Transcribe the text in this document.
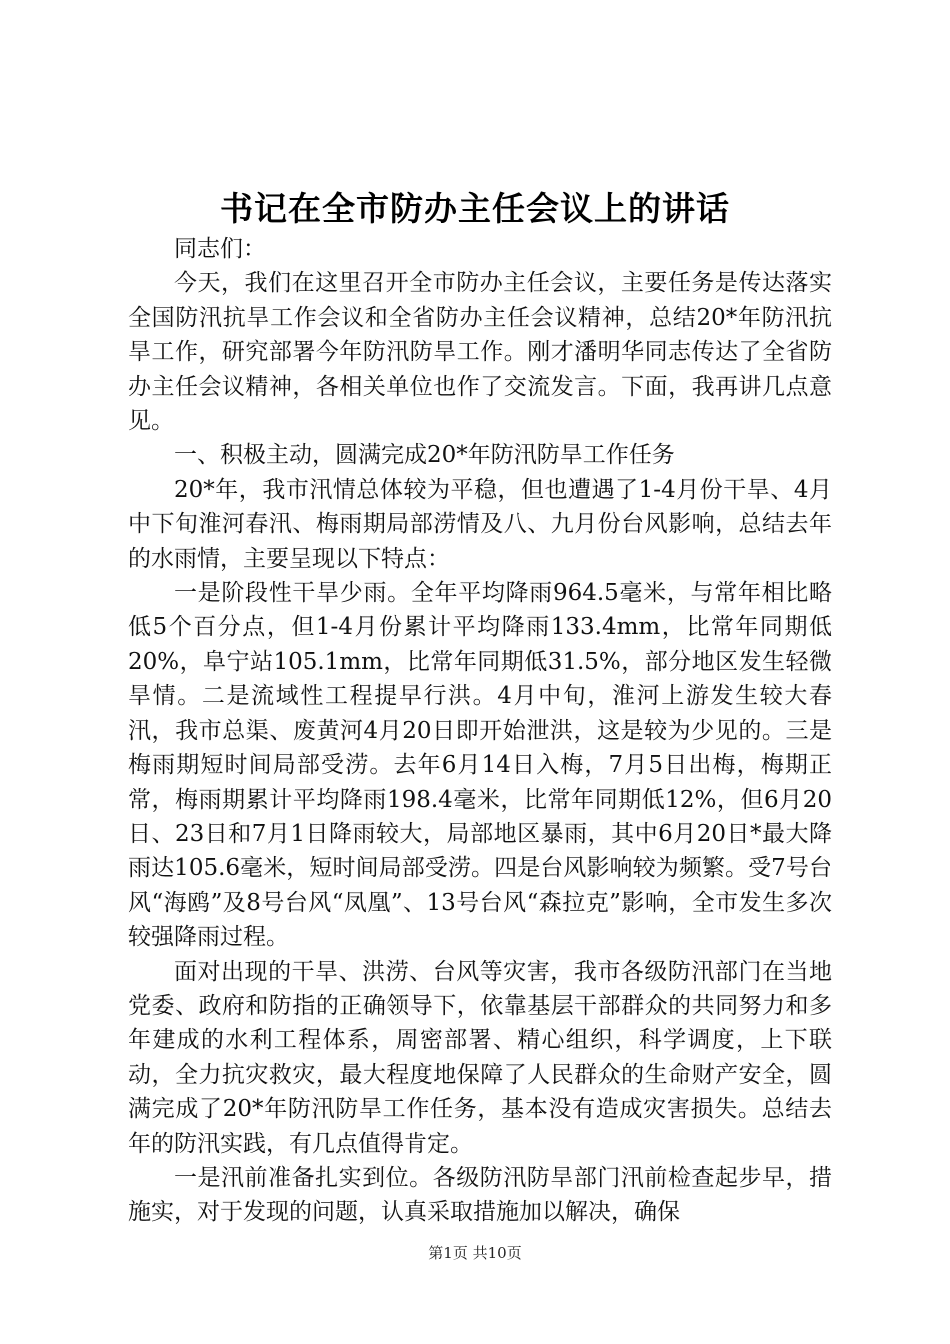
书记在全市防办主任会议上的讲话

同志们：

今天，我们在这里召开全市防办主任会议，主要任务是传达落实全国防汛抗旱工作会议和全省防办主任会议精神，总结20*年防汛抗旱工作，研究部署今年防汛防旱工作。刚才潘明华同志传达了全省防办主任会议精神，各相关单位也作了交流发言。下面，我再讲几点意见。

一、积极主动，圆满完成20*年防汛防旱工作任务

20*年，我市汛情总体较为平稳，但也遭遇了1-4月份干旱、4月中下旬淮河春汛、梅雨期局部涝情及八、九月份台风影响，总结去年的水雨情，主要呈现以下特点：

一是阶段性干旱少雨。全年平均降雨964.5毫米，与常年相比略低5个百分点，但1-4月份累计平均降雨133.4mm，比常年同期低20%，阜宁站105.1mm，比常年同期低31.5%，部分地区发生轻微旱情。二是流域性工程提早行洪。4月中旬，淮河上游发生较大春汛，我市总渠、废黄河4月20日即开始泄洪，这是较为少见的。三是梅雨期短时间局部受涝。去年6月14日入梅，7月5日出梅，梅期正常，梅雨期累计平均降雨198.4毫米，比常年同期低12%，但6月20日、23日和7月1日降雨较大，局部地区暴雨，其中6月20日*最大降雨达105.6毫米，短时间局部受涝。四是台风影响较为频繁。受7号台风“海鸥”及8号台风“凤凰”、13号台风“森拉克”影响，全市发生多次较强降雨过程。

面对出现的干旱、洪涝、台风等灾害，我市各级防汛部门在当地党委、政府和防指的正确领导下，依靠基层干部群众的共同努力和多年建成的水利工程体系，周密部署、精心组织，科学调度，上下联动，全力抗灾救灾，最大程度地保障了人民群众的生命财产安全，圆满完成了20*年防汛防旱工作任务，基本没有造成灾害损失。总结去年的防汛实践，有几点值得肯定。

一是汛前准备扎实到位。各级防汛防旱部门汛前检查起步早，措施实，对于发现的问题，认真采取措施加以解决，确保

第1页 共10页
